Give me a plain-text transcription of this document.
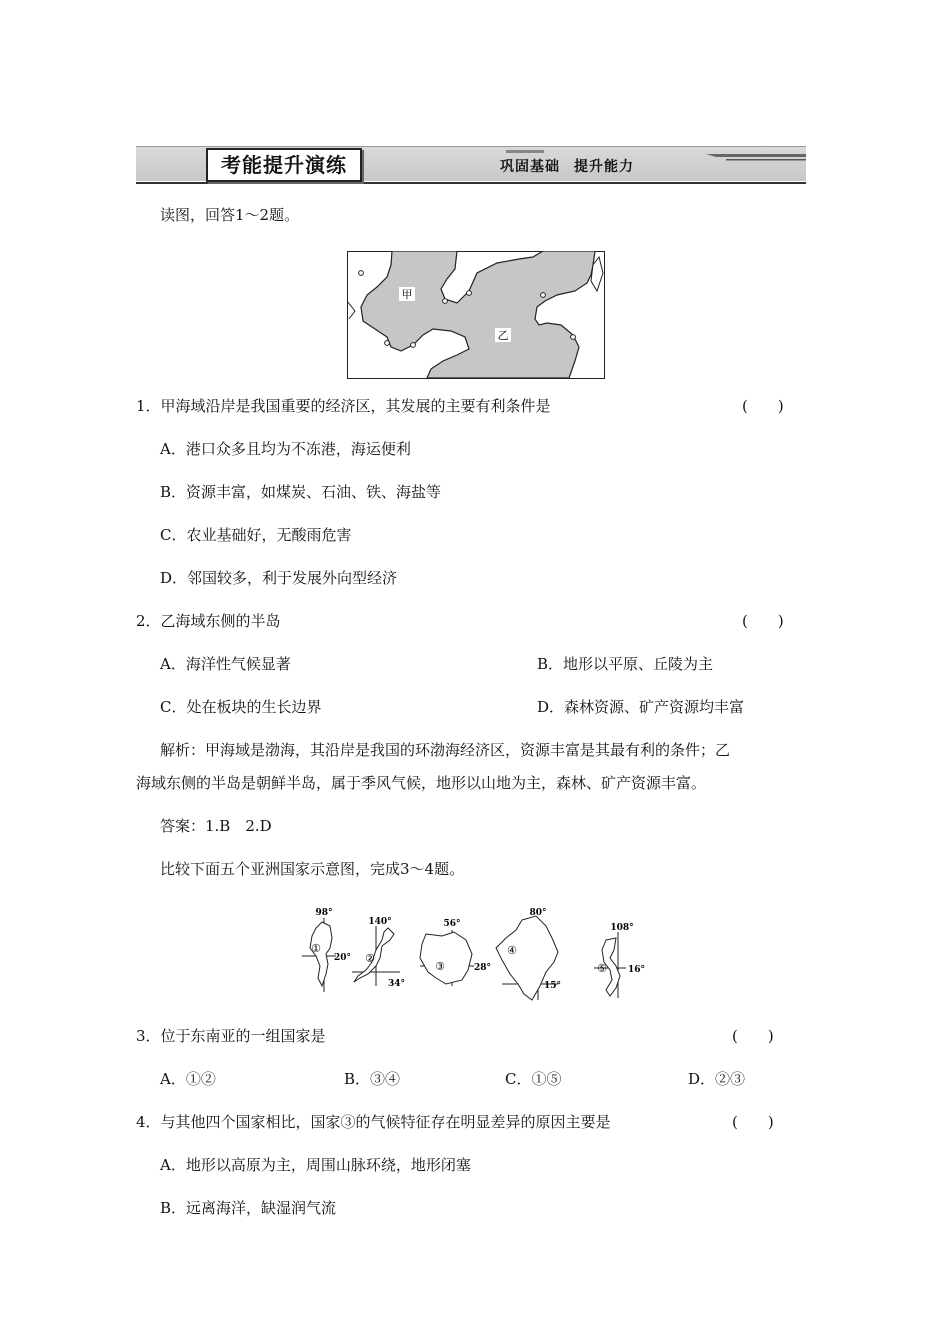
考能提升演练	巩固基础 提升能力
读图，回答1～2题。
甲
乙
1．甲海域沿岸是我国重要的经济区，其发展的主要有利条件是	(　　)
A．港口众多且均为不冻港，海运便利
B．资源丰富，如煤炭、石油、铁、海盐等
C．农业基础好，无酸雨危害
D．邻国较多，利于发展外向型经济
2．乙海域东侧的半岛	(　　)
A．海洋性气候显著	B．地形以平原、丘陵为主
C．处在板块的生长边界	D．森林资源、矿产资源均丰富
解析：甲海域是渤海，其沿岸是我国的环渤海经济区，资源丰富是其最有利的条件；乙
海域东侧的半岛是朝鲜半岛，属于季风气候，地形以山地为主，森林、矿产资源丰富。
答案：1.B　2.D
比较下面五个亚洲国家示意图，完成3～4题。
98°
20°
①
140°
34°
②
56°
28°
③
80°
15°
④
108°
16°
⑤
3．位于东南亚的一组国家是	(　　)
A．①②	B．③④	C．①⑤	D．②③
4．与其他四个国家相比，国家③的气候特征存在明显差异的原因主要是	(　　)
A．地形以高原为主，周围山脉环绕，地形闭塞
B．远离海洋，缺湿润气流
